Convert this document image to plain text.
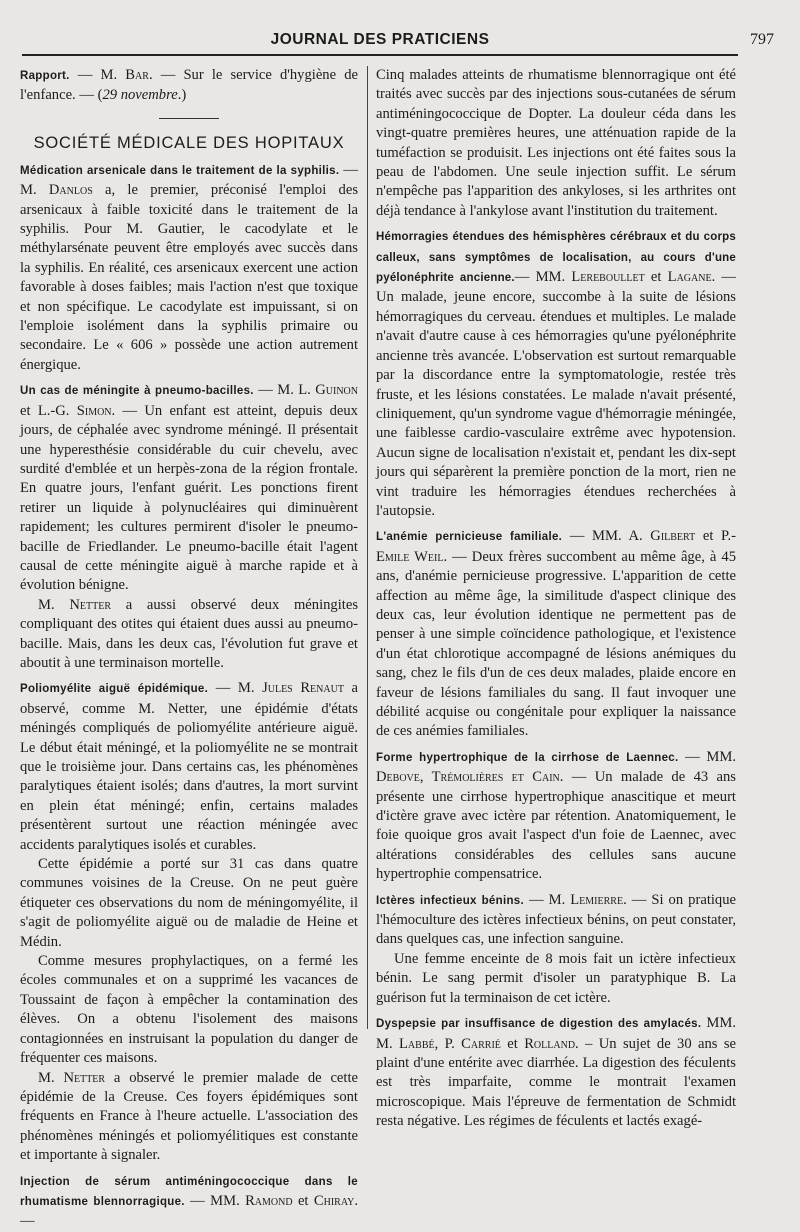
JOURNAL DES PRATICIENS	797

Rapport. — M. Bar. — Sur le service d'hygiène de l'enfance. — (29 novembre.)

SOCIÉTÉ MÉDICALE DES HOPITAUX

Médication arsenicale dans le traitement de la syphilis. — M. Danlos a, le premier, préconisé l'emploi des arsenicaux à faible toxicité dans le traitement de la syphilis. Pour M. Gautier, le cacodylate et le méthylarsénate peuvent être employés avec succès dans la syphilis. En réalité, ces arsenicaux exercent une action favorable à doses faibles; mais l'action n'est que toxique et non spécifique. Le cacodylate est impuissant, si on l'emploie isolément dans la syphilis primaire ou secondaire. Le « 606 » possède une action autrement énergique.

Un cas de méningite à pneumo-bacilles. — M. L. Guinon et L.-G. Simon. — Un enfant est atteint, depuis deux jours, de céphalée avec syndrome méningé. Il présentait une hyperesthésie considérable du cuir chevelu, avec surdité d'emblée et un herpès-zona de la région frontale. En quatre jours, l'enfant guérit. Les ponctions firent retirer un liquide à polynucléaires qui diminuèrent rapidement; les cultures permirent d'isoler le pneumo-bacille de Friedlander. Le pneumo-bacille était l'agent causal de cette méningite aiguë à marche rapide et à évolution bénigne.

M. Netter a aussi observé deux méningites compliquant des otites qui étaient dues aussi au pneumo-bacille. Mais, dans les deux cas, l'évolution fut grave et aboutit à une terminaison mortelle.

Poliomyélite aiguë épidémique. — M. Jules Renaut a observé, comme M. Netter, une épidémie d'états méningés compliqués de poliomyélite antérieure aiguë. Le début était méningé, et la poliomyélite ne se montrait que le troisième jour. Dans certains cas, les phénomènes paralytiques étaient isolés; dans d'autres, la mort survint en plein état méningé; enfin, certains malades présentèrent surtout une réaction méningée avec accidents paralytiques isolés et curables.

Cette épidémie a porté sur 31 cas dans quatre communes voisines de la Creuse. On ne peut guère étiqueter ces observations du nom de méningomyélite, il s'agit de poliomyélite aiguë ou de maladie de Heine et Médin.

Comme mesures prophylactiques, on a fermé les écoles communales et on a supprimé les vacances de Toussaint de façon à empêcher la contamination des élèves. On a obtenu l'isolement des maisons contagionnées en instruisant la population du danger de fréquenter ces maisons.

M. Netter a observé le premier malade de cette épidémie de la Creuse. Ces foyers épidémiques sont fréquents en France à l'heure actuelle. L'association des phénomènes méningés et poliomyélitiques est constante et importante à signaler.

Injection de sérum antiméningococcique dans le rhumatisme blennorragique. — MM. Ramond et Chiray. —

Cinq malades atteints de rhumatisme blennorragique ont été traités avec succès par des injections sous-cutanées de sérum antiméningococcique de Dopter. La douleur céda dans les vingt-quatre premières heures, une atténuation rapide de la tuméfaction se produisit. Les injections ont été faites sous la peau de l'abdomen. Une seule injection suffit. Le sérum n'empêche pas l'apparition des ankyloses, si les arthrites ont déjà tendance à l'ankylose avant l'institution du traitement.

Hémorragies étendues des hémisphères cérébraux et du corps calleux, sans symptômes de localisation, au cours d'une pyélonéphrite ancienne.— MM. Lereboullet et Lagane. — Un malade, jeune encore, succombe à la suite de lésions hémorragiques du cerveau. étendues et multiples. Le malade n'avait d'autre cause à ces hémorragies qu'une pyélonéphrite ancienne très avancée. L'observation est surtout remarquable par la discordance entre la symptomatologie, restée très fruste, et les lésions constatées. Le malade n'avait présenté, cliniquement, qu'un syndrome vague d'hémorragie méningée, une faiblesse cardio-vasculaire extrême avec hypotension. Aucun signe de localisation n'existait et, pendant les dix-sept jours qui séparèrent la première ponction de la mort, rien ne vint traduire les hémorragies étendues recherchées à l'autopsie.

L'anémie pernicieuse familiale. — MM. A. Gilbert et P.-Emile Weil. — Deux frères succombent au même âge, à 45 ans, d'anémie pernicieuse progressive. L'apparition de cette affection au même âge, la similitude d'aspect clinique des deux cas, leur évolution identique ne permettent pas de penser à une simple coïncidence pathologique, et l'existence d'un état chlorotique accompagné de lésions anémiques du sang, chez le fils d'un de ces deux malades, plaide encore en faveur de lésions familiales du sang. Il faut invoquer une débilité acquise ou congénitale pour expliquer la naissance de ces anémies familiales.

Forme hypertrophique de la cirrhose de Laennec. — MM. Debove, Trémolières et Cain. — Un malade de 43 ans présente une cirrhose hypertrophique anascitique et meurt d'ictère grave avec ictère par rétention. Anatomiquement, le foie quoique gros avait l'aspect d'un foie de Laennec, avec altérations considérables des cellules sans aucune hypertrophie compensatrice.

Ictères infectieux bénins. — M. Lemierre. — Si on pratique l'hémoculture des ictères infectieux bénins, on peut constater, dans quelques cas, une infection sanguine.

Une femme enceinte de 8 mois fait un ictère infectieux bénin. Le sang permit d'isoler un paratyphique B. La guérison fut la terminaison de cet ictère.

Dyspepsie par insuffisance de digestion des amylacés. MM. M. Labbé, P. Carrié et Rolland. – Un sujet de 30 ans se plaint d'une entérite avec diarrhée. La digestion des féculents est très imparfaite, comme le montrait l'examen microscopique. Mais l'épreuve de fermentation de Schmidt resta négative. Les régimes de féculents et lactés exagé-
